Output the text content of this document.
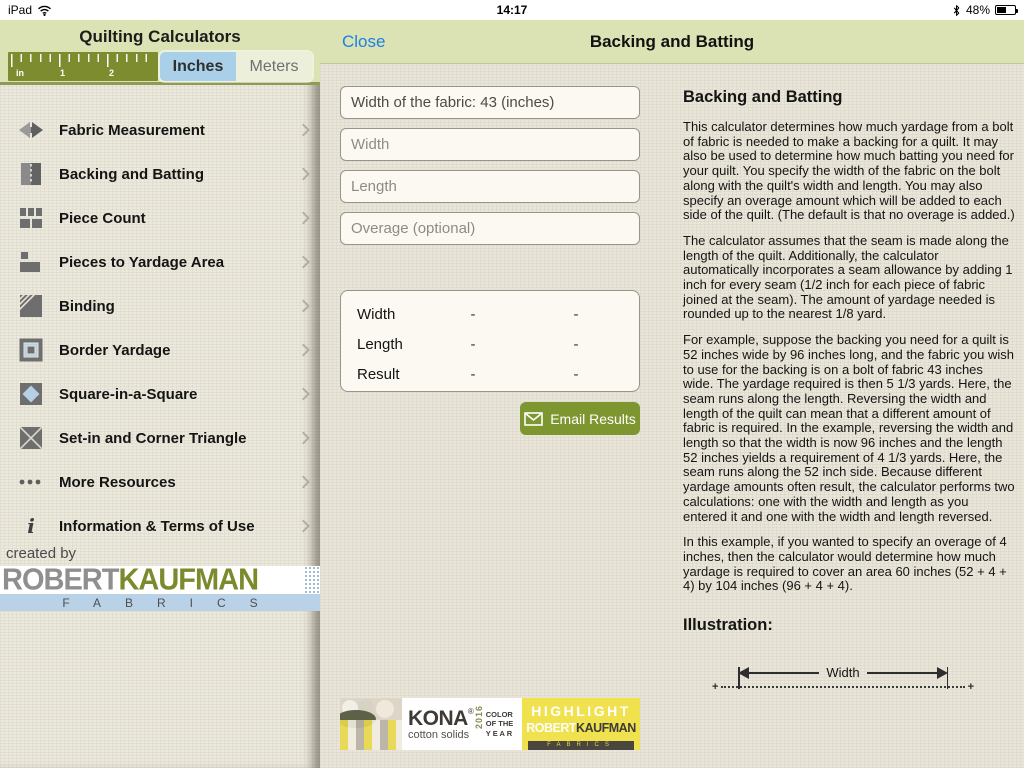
iPad	14:17	48%
Quilting Calculators
in	1	2	Inches	Meters
Fabric Measurement
Backing and Batting
Piece Count
Pieces to Yardage Area
Binding
Border Yardage
Square-in-a-Square
Set-in and Corner Triangle
More Resources
i Information & Terms of Use
created by
ROBERT KAUFMAN
FABRICS
Close	Backing and Batting
Width of the fabric: 43 (inches)
Width
Length
Overage (optional)
Width	-	-
Length	-	-
Result	-	-
Email Results
KONA®
cotton solids
2016 COLOR
OF THE
Y E A R
HIGHLIGHT
ROBERTKAUFMAN
FABRICS
Backing and Batting
This calculator determines how much yardage from a bolt of fabric is needed to make a backing for a quilt. It may also be used to determine how much batting you need for your quilt. You specify the width of the fabric on the bolt along with the quilt's width and length. You may also specify an overage amount which will be added to each side of the quilt. (The default is that no overage is added.)
The calculator assumes that the seam is made along the length of the quilt. Additionally, the calculator automatically incorporates a seam allowance by adding 1 inch for every seam (1/2 inch for each piece of fabric joined at the seam). The amount of yardage needed is rounded up to the nearest 1/8 yard.
For example, suppose the backing you need for a quilt is 52 inches wide by 96 inches long, and the fabric you wish to use for the backing is on a bolt of fabric 43 inches wide. The yardage required is then 5 1/3 yards. Here, the seam runs along the length. Reversing the width and length of the quilt can mean that a different amount of fabric is required. In the example, reversing the width and length so that the width is now 96 inches and the length 52 inches yields a requirement of 4 1/3 yards. Here, the seam runs along the 52 inch side. Because different yardage amounts often result, the calculator performs two calculations: one with the width and length as you entered it and one with the width and length reversed.
In this example, if you wanted to specify an overage of 4 inches, then the calculator would determine how much yardage is required to cover an area 60 inches (52 + 4 + 4) by 104 inches (96 + 4 + 4).
Illustration:
Width
+	+
